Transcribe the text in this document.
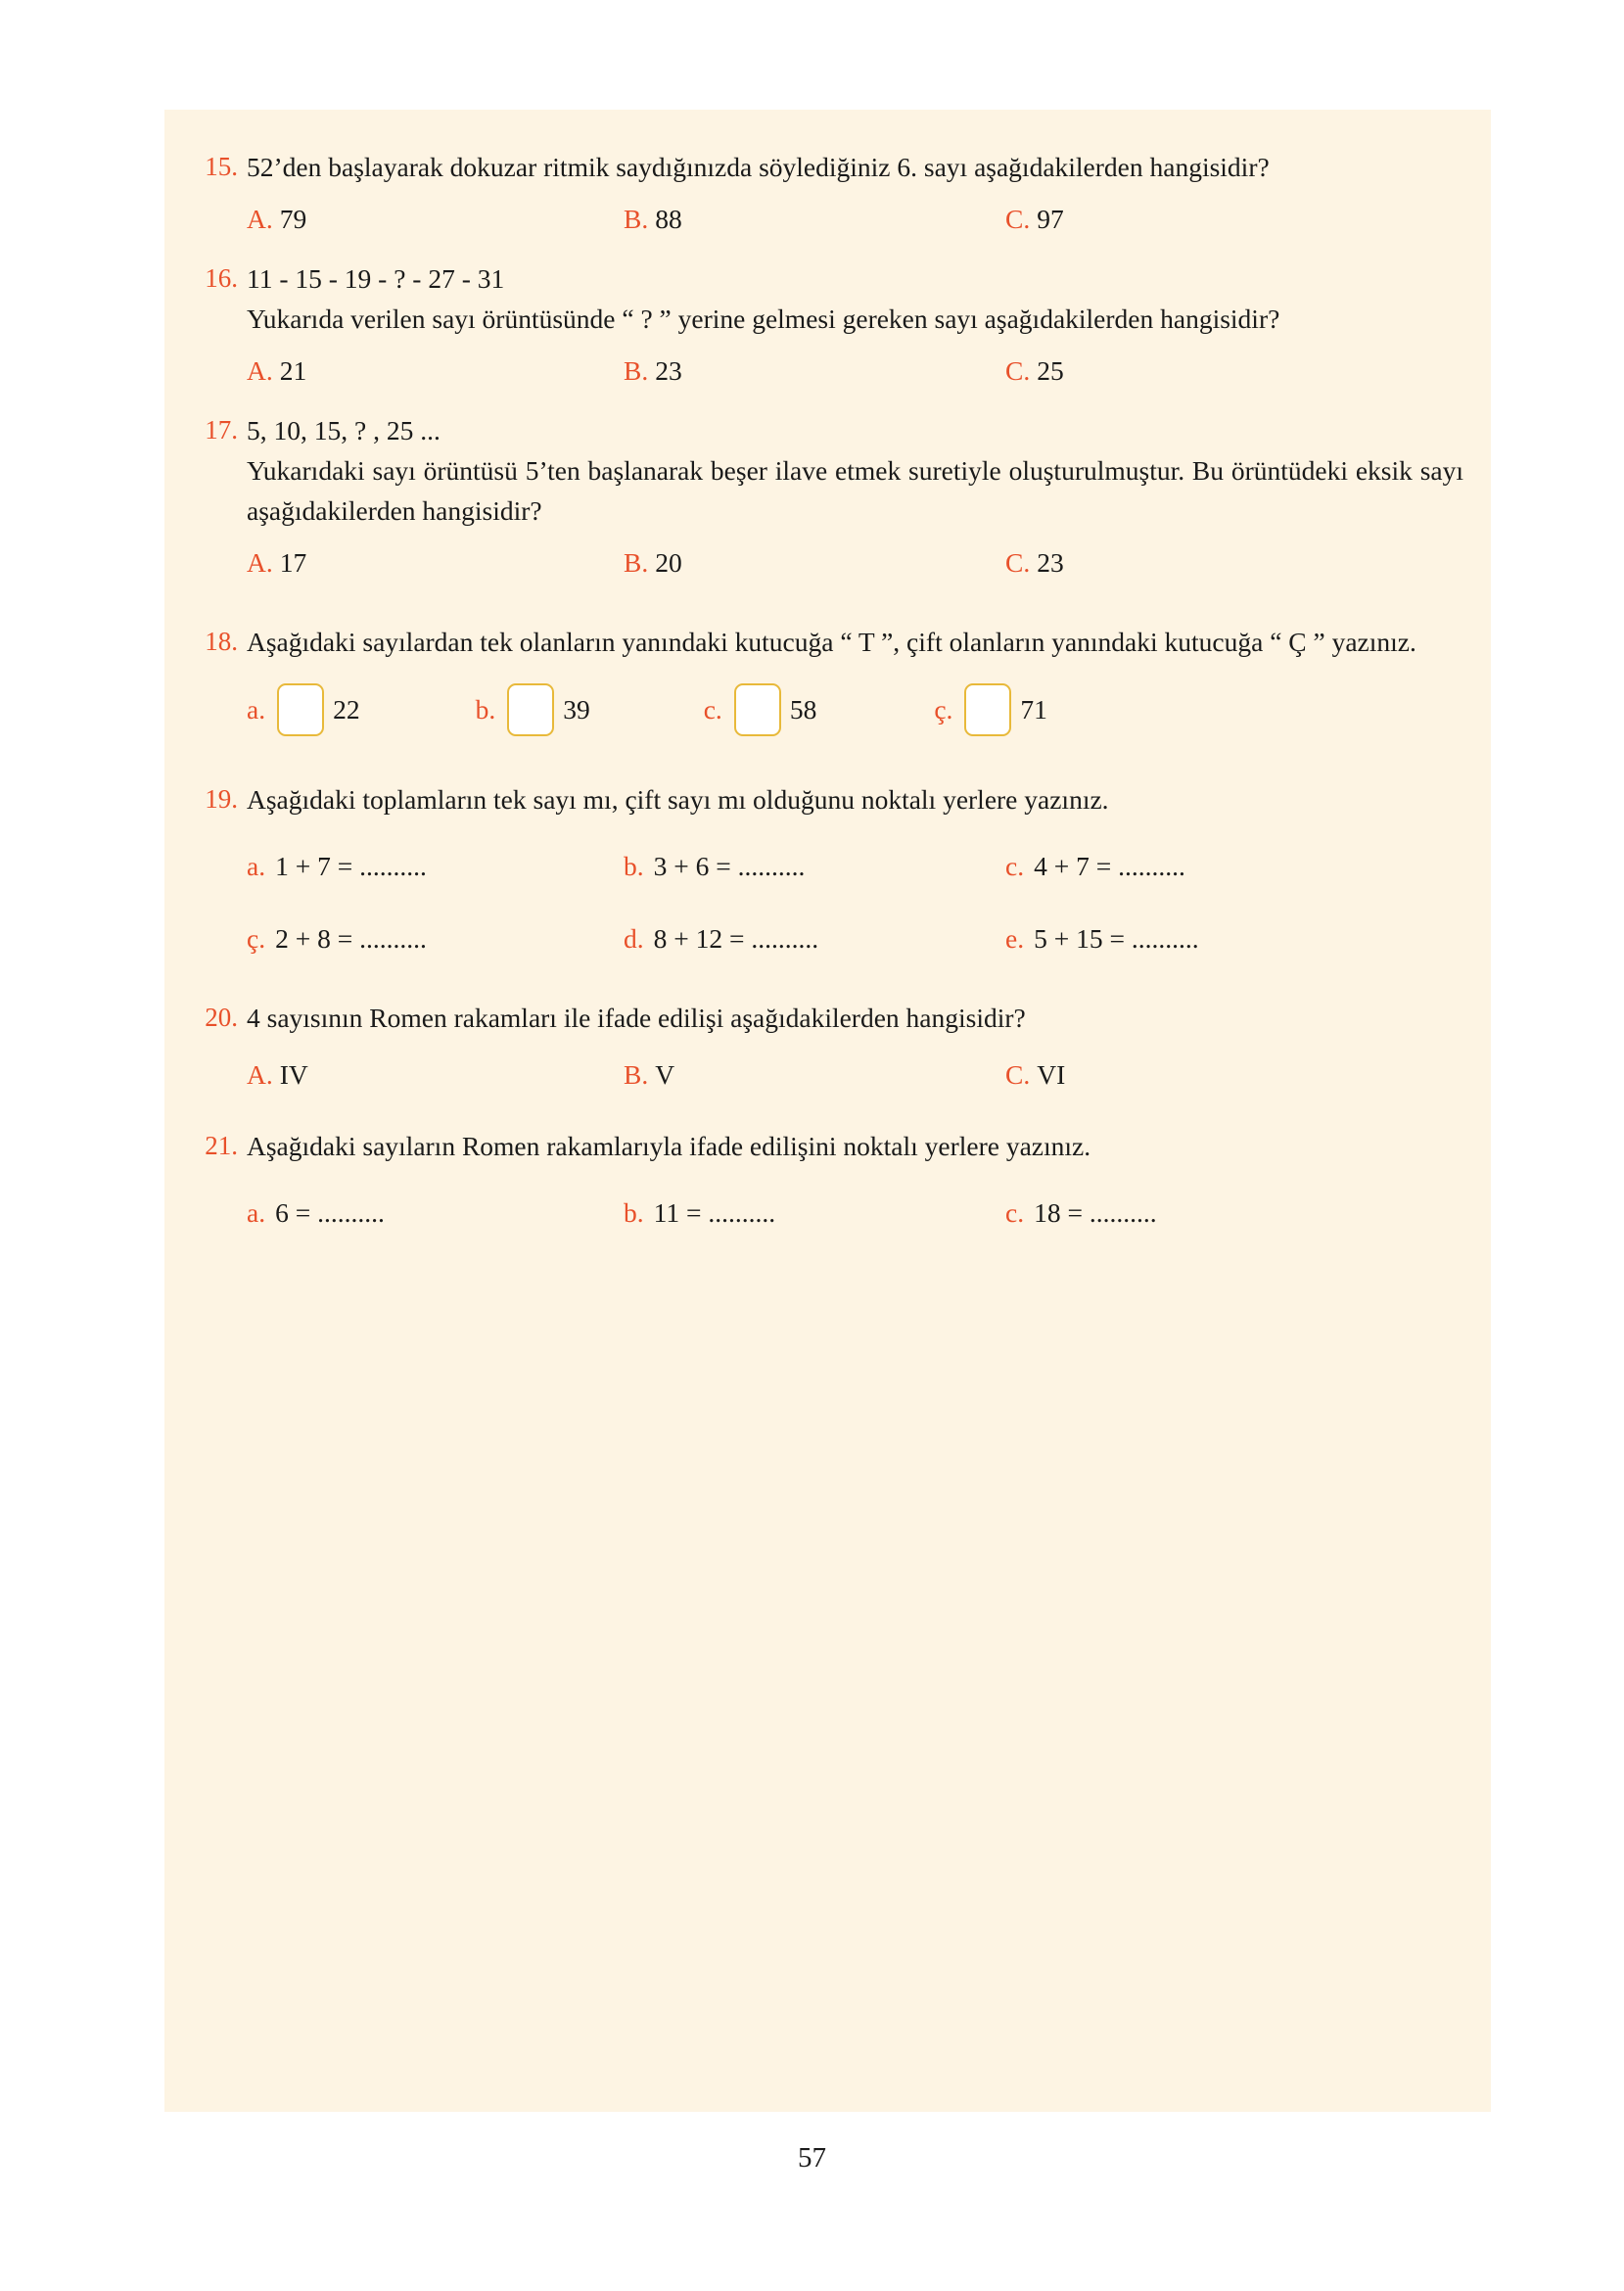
15. 52’den başlayarak dokuzar ritmik saydığınızda söylediğiniz 6. sayı aşağıdakilerden hangisidir?
A. 79	B. 88	C. 97
16. 11 - 15 - 19 - ? - 27 - 31
Yukarıda verilen sayı örüntüsünde “ ? ” yerine gelmesi gereken sayı aşağıdakilerden hangisidir?
A. 21	B. 23	C. 25
17. 5, 10, 15, ? , 25 ...
Yukarıdaki sayı örüntüsü 5’ten başlanarak beşer ilave etmek suretiyle oluşturulmuştur. Bu örüntüdeki eksik sayı aşağıdakilerden hangisidir?
A. 17	B. 20	C. 23
18. Aşağıdaki sayılardan tek olanların yanındaki kutucuğa “ T ”, çift olanların yanındaki kutucuğa “ Ç ” yazınız.
a.	22	b.	39	c.	58	ç.	71
19. Aşağıdaki toplamların tek sayı mı, çift sayı mı olduğunu noktalı yerlere yazınız.
a. 1 + 7 = ..........	b. 3 + 6 = ..........	c. 4 + 7 = ..........
ç. 2 + 8 = ..........	d. 8 + 12 = ..........	e. 5 + 15 = ..........
20. 4 sayısının Romen rakamları ile ifade edilişi aşağıdakilerden hangisidir?
A. IV	B. V	C. VI
21. Aşağıdaki sayıların Romen rakamlarıyla ifade edilişini noktalı yerlere yazınız.
a. 6 = ..........	b. 11 = ..........	c. 18 = ..........
57
